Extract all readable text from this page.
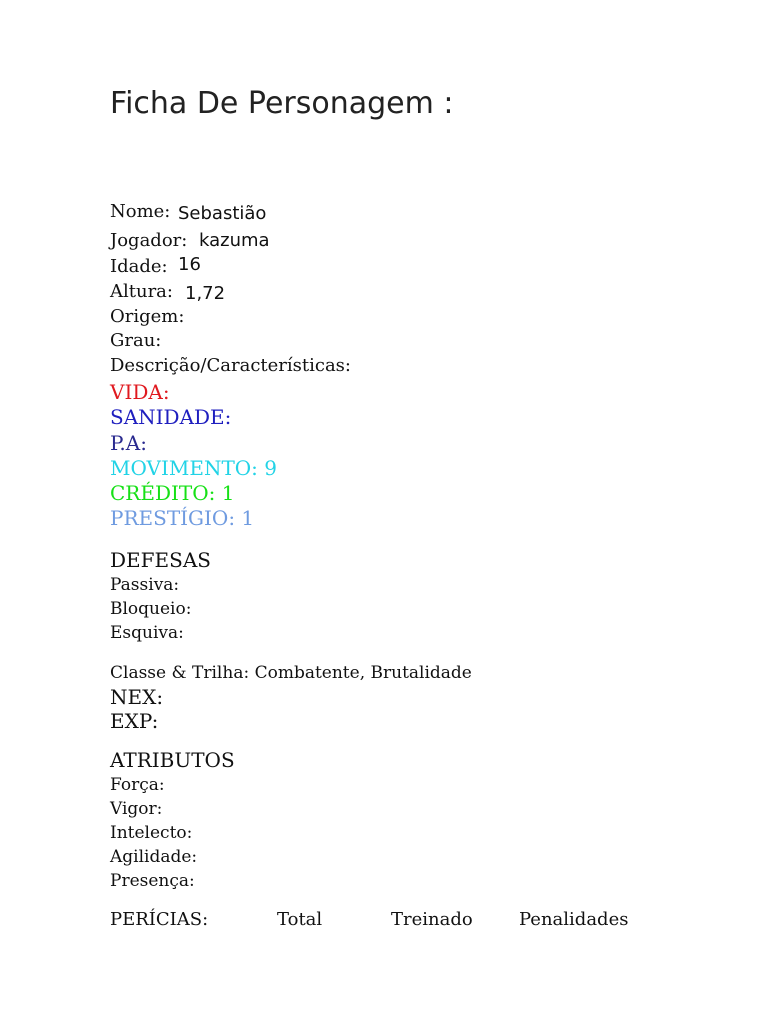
Ficha De Personagem :
Nome: Sebastião
Jogador: kazuma
Idade: 16
Altura: 1,72
Origem:
Grau:
Descrição/Características:
VIDA:
SANIDADE:
P.A:
MOVIMENTO: 9
CRÉDITO: 1
PRESTÍGIO: 1
DEFESAS
Passiva:
Bloqueio:
Esquiva:
Classe & Trilha: Combatente, Brutalidade
NEX:
EXP:
ATRIBUTOS
Força:
Vigor:
Intelecto:
Agilidade:
Presença:
PERÍCIAS:	Total	Treinado	Penalidades
